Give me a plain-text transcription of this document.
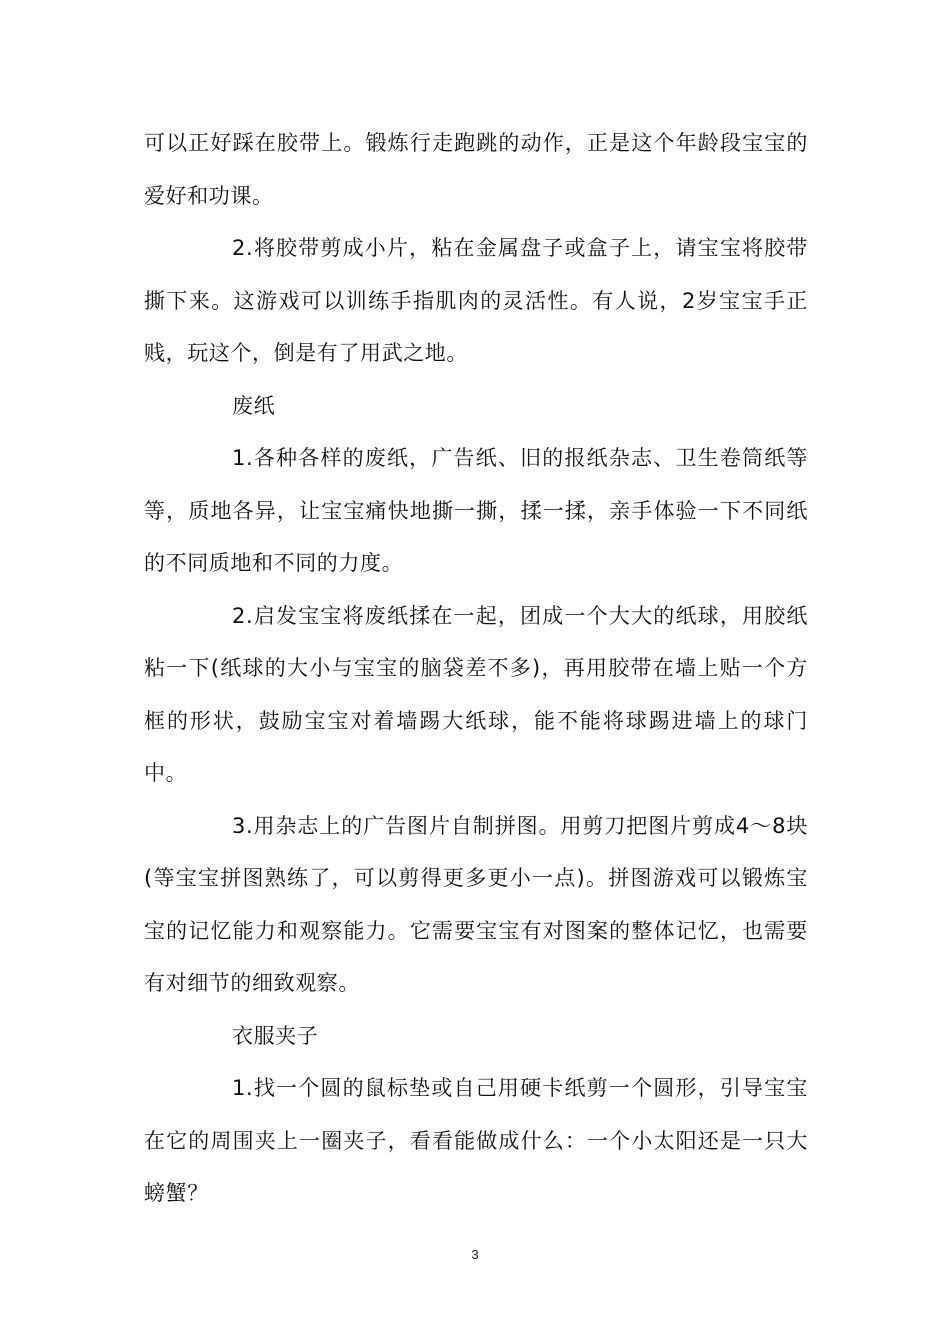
可以正好踩在胶带上。锻炼行走跑跳的动作，正是这个年龄段宝宝的爱好和功课。

2.将胶带剪成小片，粘在金属盘子或盒子上，请宝宝将胶带撕下来。这游戏可以训练手指肌肉的灵活性。有人说，2岁宝宝手正贱，玩这个，倒是有了用武之地。

废纸

1.各种各样的废纸，广告纸、旧的报纸杂志、卫生卷筒纸等等，质地各异，让宝宝痛快地撕一撕，揉一揉，亲手体验一下不同纸的不同质地和不同的力度。

2.启发宝宝将废纸揉在一起，团成一个大大的纸球，用胶纸粘一下(纸球的大小与宝宝的脑袋差不多)，再用胶带在墙上贴一个方框的形状，鼓励宝宝对着墙踢大纸球，能不能将球踢进墙上的球门中。

3.用杂志上的广告图片自制拼图。用剪刀把图片剪成4～8块(等宝宝拼图熟练了，可以剪得更多更小一点)。拼图游戏可以锻炼宝宝的记忆能力和观察能力。它需要宝宝有对图案的整体记忆，也需要有对细节的细致观察。

衣服夹子

1.找一个圆的鼠标垫或自己用硬卡纸剪一个圆形，引导宝宝在它的周围夹上一圈夹子，看看能做成什么：一个小太阳还是一只大螃蟹？

3
